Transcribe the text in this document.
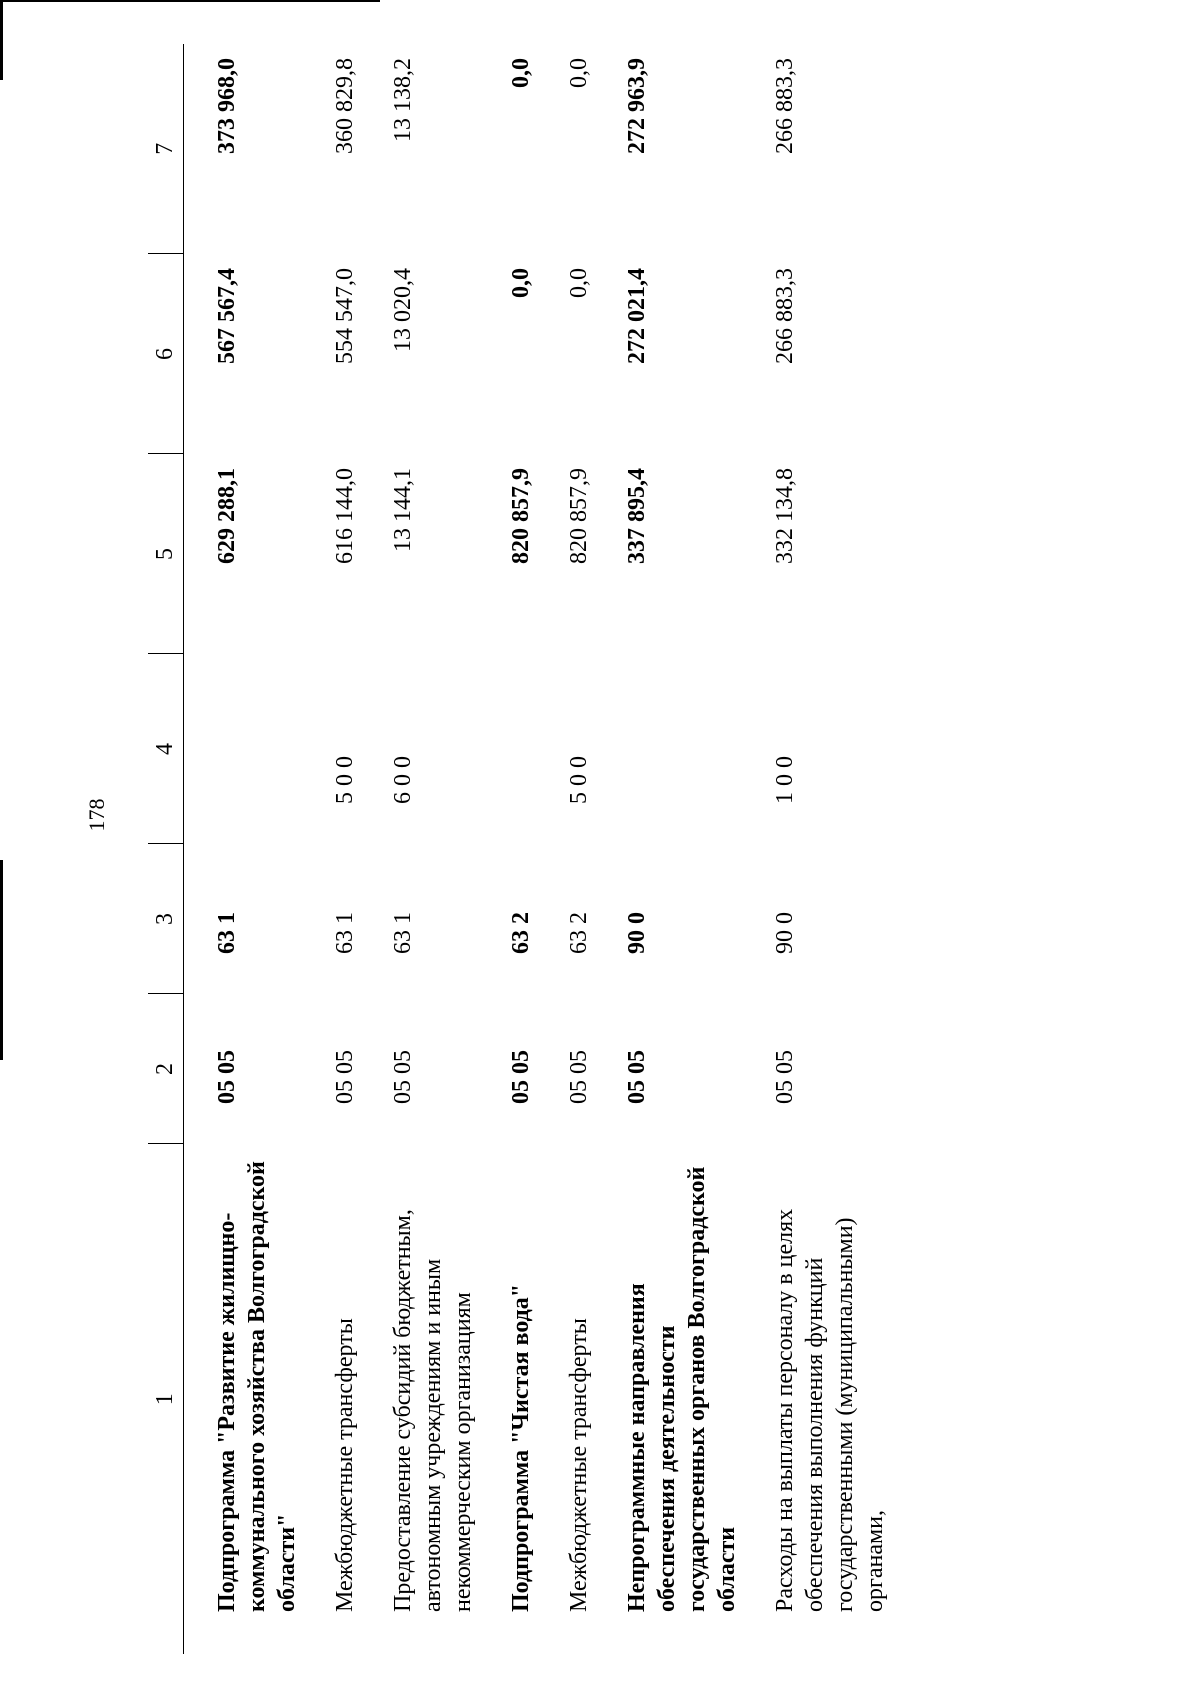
178
1	2	3	4	5	6	7

Подпрограмма "Развитие жилищно-коммунального хозяйства Волгоградской области"	05 05	63 1		629 288,1	567 567,4	373 968,0
Межбюджетные трансферты	05 05	63 1	5 0 0	616 144,0	554 547,0	360 829,8
Предоставление субсидий бюджетным, автономным учреждениям и иным некоммерческим организациям	05 05	63 1	6 0 0	13 144,1	13 020,4	13 138,2
Подпрограмма "Чистая вода"	05 05	63 2		820 857,9	0,0	0,0
Межбюджетные трансферты	05 05	63 2	5 0 0	820 857,9	0,0	0,0
Непрограммные направления обеспечения деятельности государственных органов Волгоградской области	05 05	90 0		337 895,4	272 021,4	272 963,9
Расходы на выплаты персоналу в целях обеспечения выполнения функций государственными (муниципальными) органами,	05 05	90 0	1 0 0	332 134,8	266 883,3	266 883,3
